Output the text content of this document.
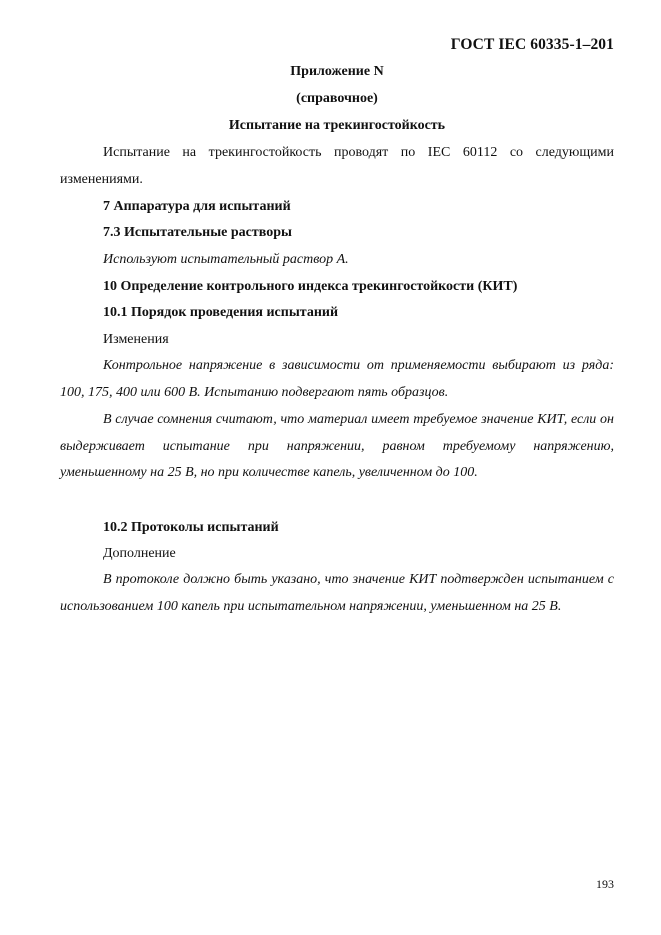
ГОСТ IEC 60335-1–201
Приложение N
(справочное)
Испытание на трекингостойкость
Испытание на трекингостойкость проводят по IEC 60112 со следующими изменениями.
7 Аппаратура для испытаний
7.3 Испытательные растворы
Используют испытательный раствор А.
10 Определение контрольного индекса трекингостойкости (КИТ)
10.1 Порядок проведения испытаний
Изменения
Контрольное напряжение в зависимости от применяемости выбирают из ряда: 100, 175, 400 или 600 В. Испытанию подвергают пять образцов.
В случае сомнения считают, что материал имеет требуемое значение КИТ, если он выдерживает испытание при напряжении, равном требуемому напряжению, уменьшенному на 25 В, но при количестве капель, увеличенном до 100.
10.2 Протоколы испытаний
Дополнение
В протоколе должно быть указано, что значение КИТ подтвержден испытанием с использованием 100 капель при испытательном напряжении, уменьшенном на 25 В.
193
